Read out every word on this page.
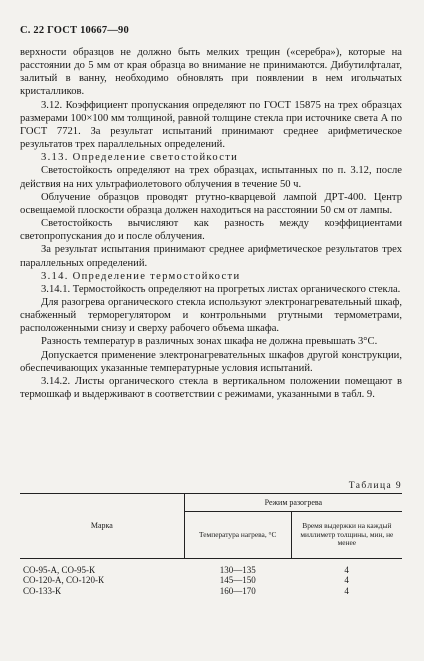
С. 22 ГОСТ 10667—90

верхности образцов не должно быть мелких трещин («серебра»), которые на расстоянии до 5 мм от края образца во внимание не принимаются. Дибутилфталат, залитый в ванну, необходимо обновлять при появлении в нем игольчатых кристалликов.

3.12. Коэффициент пропускания определяют по ГОСТ 15875 на трех образцах размерами 100×100 мм толщиной, равной толщине стекла при источнике света А по ГОСТ 7721. За результат испытаний принимают среднее арифметическое результатов трех параллельных определений.

3.13. Определение светостойкости

Светостойкость определяют на трех образцах, испытанных по п. 3.12, после действия на них ультрафиолетового облучения в течение 50 ч.

Облучение образцов проводят ртутно-кварцевой лампой ДРТ-400. Центр освещаемой плоскости образца должен находиться на расстоянии 50 см от лампы.

Светостойкость вычисляют как разность между коэффициентами светопропускания до и после облучения.

За результат испытания принимают среднее арифметическое результатов трех параллельных определений.

3.14. Определение термостойкости

3.14.1. Термостойкость определяют на прогретых листах органического стекла.

Для разогрева органического стекла используют электронагревательный шкаф, снабженный терморегулятором и контрольными ртутными термометрами, расположенными снизу и сверху рабочего объема шкафа.

Разность температур в различных зонах шкафа не должна превышать 3°С.

Допускается применение электронагревательных шкафов другой конструкции, обеспечивающих указанные температурные условия испытаний.

3.14.2. Листы органического стекла в вертикальном положении помещают в термошкаф и выдерживают в соответствии с режимами, указанными в табл. 9.

Таблица 9
Марка	Режим разогрева	
	Температура нагрева, °С	Время выдержки на каждый миллиметр толщины, мин, не менее

СО-95-А, СО-95-К	130—135	4
СО-120-А, СО-120-К	145—150	4
СО-133-К	160—170	4
